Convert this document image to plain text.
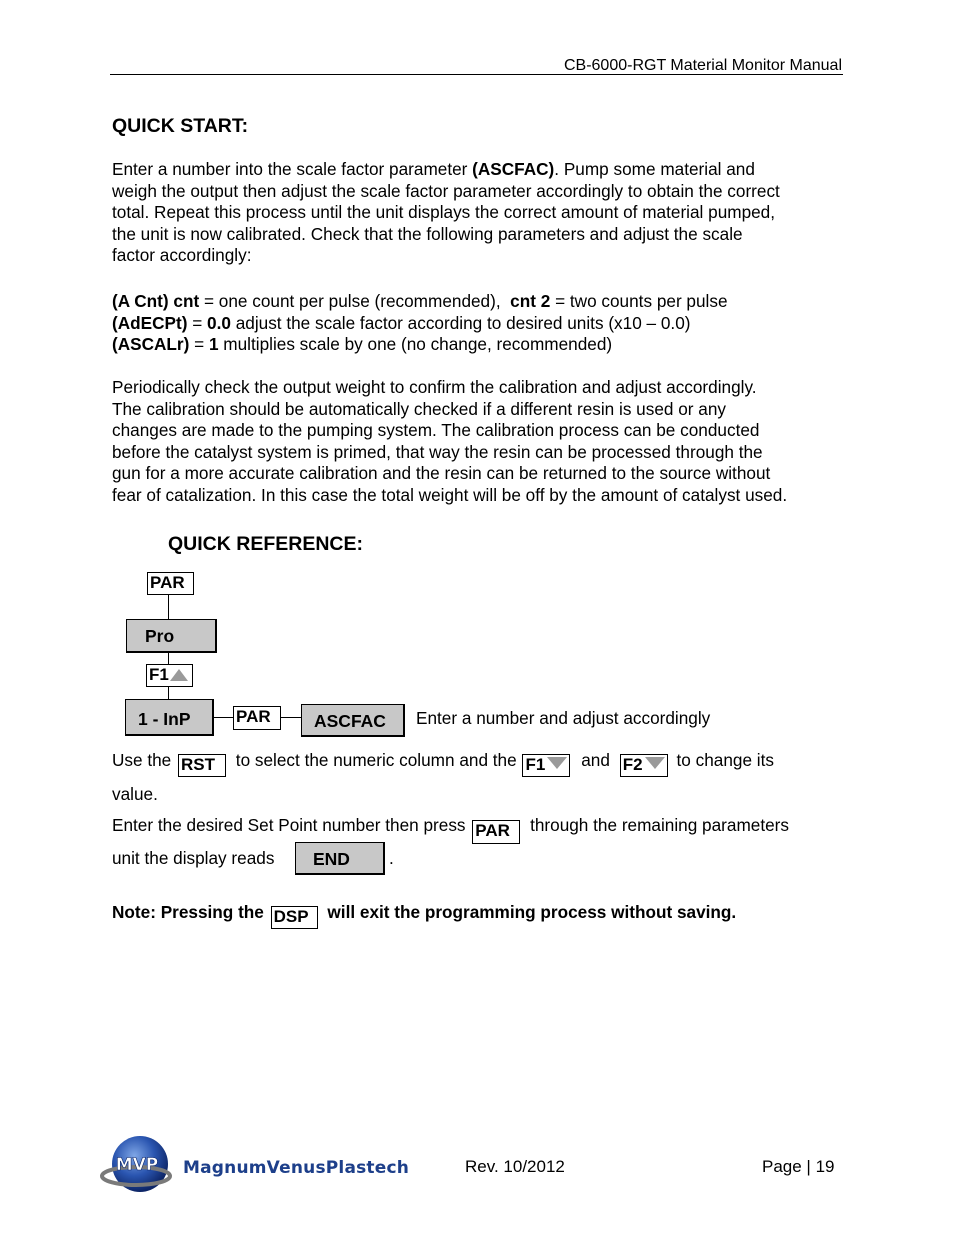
CB-6000-RGT Material Monitor Manual
QUICK START:

Enter a number into the scale factor parameter (ASCFAC). Pump some material and

weigh the output then adjust the scale factor parameter accordingly to obtain the correct

total. Repeat this process until the unit displays the correct amount of material pumped,

the unit is now calibrated. Check that the following parameters and adjust the scale

factor accordingly:

(A Cnt) cnt = one count per pulse (recommended),  cnt 2 = two counts per pulse

(AdECPt) = 0.0 adjust the scale factor according to desired units (x10 – 0.0)

(ASCALr) = 1 multiplies scale by one (no change, recommended)

Periodically check the output weight to confirm the calibration and adjust accordingly.

The calibration should be automatically checked if a different resin is used or any

changes are made to the pumping system. The calibration process can be conducted

before the catalyst system is primed, that way the resin can be processed through the

gun for a more accurate calibration and the resin can be returned to the source without

fear of catalization. In this case the total weight will be off by the amount of catalyst used.

QUICK REFERENCE:
PAR
Pro
F1
1 - InP	PAR	ASCFAC	Enter a number and adjust accordingly
Use the RST to select the numeric column and the F1 and F2 to change its
value.
Enter the desired Set Point number then press PAR through the remaining parameters
unit the display reads	END	.
Note: Pressing the DSP will exit the programming process without saving.
MVP MagnumVenusPlastech	Rev. 10/2012	Page | 19
